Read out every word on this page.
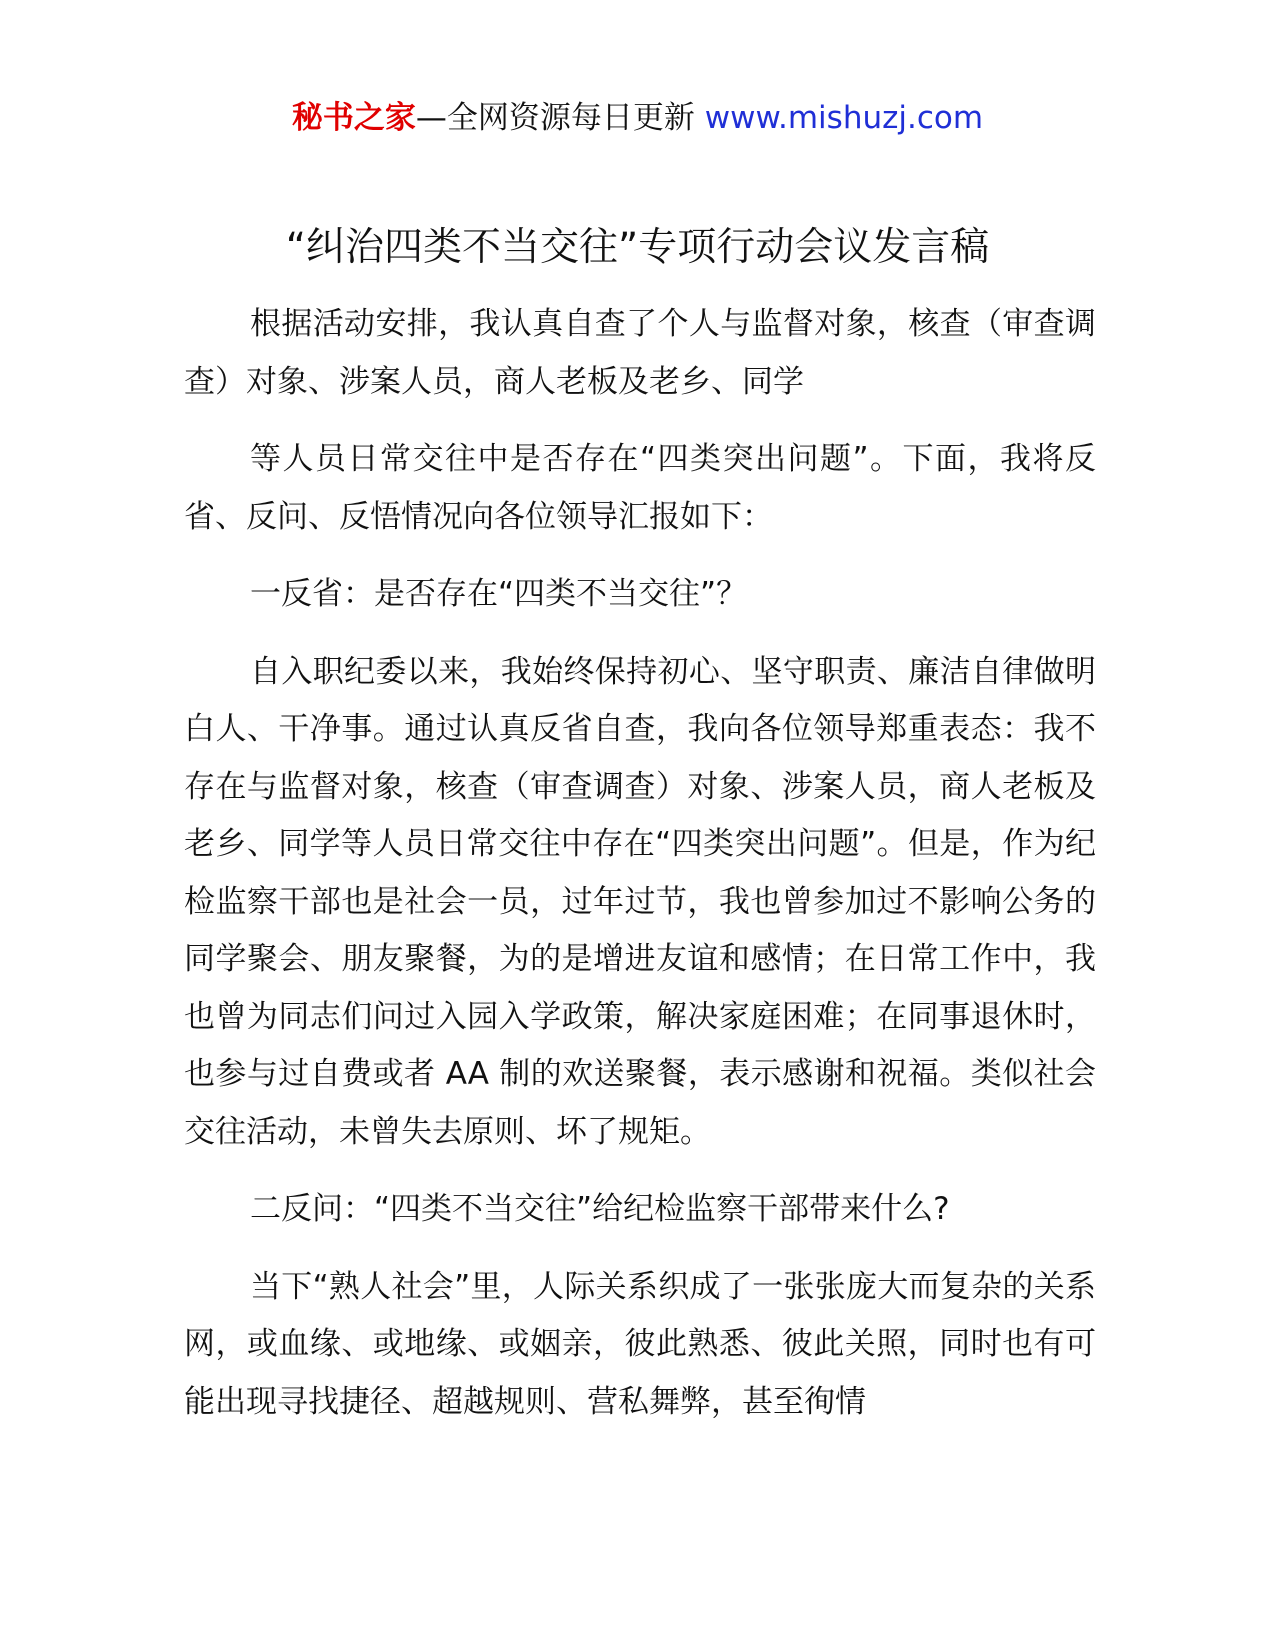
秘书之家—全网资源每日更新 www.mishuzj.com
“纠治四类不当交往”专项行动会议发言稿

根据活动安排，我认真自查了个人与监督对象，核查（审查调查）对象、涉案人员，商人老板及老乡、同学

等人员日常交往中是否存在“四类突出问题”。下面，我将反省、反问、反悟情况向各位领导汇报如下：

一反省：是否存在“四类不当交往”？

自入职纪委以来，我始终保持初心、坚守职责、廉洁自律做明白人、干净事。通过认真反省自查，我向各位领导郑重表态：我不存在与监督对象，核查（审查调查）对象、涉案人员，商人老板及老乡、同学等人员日常交往中存在“四类突出问题”。但是，作为纪检监察干部也是社会一员，过年过节，我也曾参加过不影响公务的同学聚会、朋友聚餐，为的是增进友谊和感情；在日常工作中，我也曾为同志们问过入园入学政策，解决家庭困难；在同事退休时，也参与过自费或者 AA 制的欢送聚餐，表示感谢和祝福。类似社会交往活动，未曾失去原则、坏了规矩。

二反问：“四类不当交往”给纪检监察干部带来什么?

当下“熟人社会”里，人际关系织成了一张张庞大而复杂的关系网，或血缘、或地缘、或姻亲，彼此熟悉、彼此关照，同时也有可能出现寻找捷径、超越规则、营私舞弊，甚至徇情
